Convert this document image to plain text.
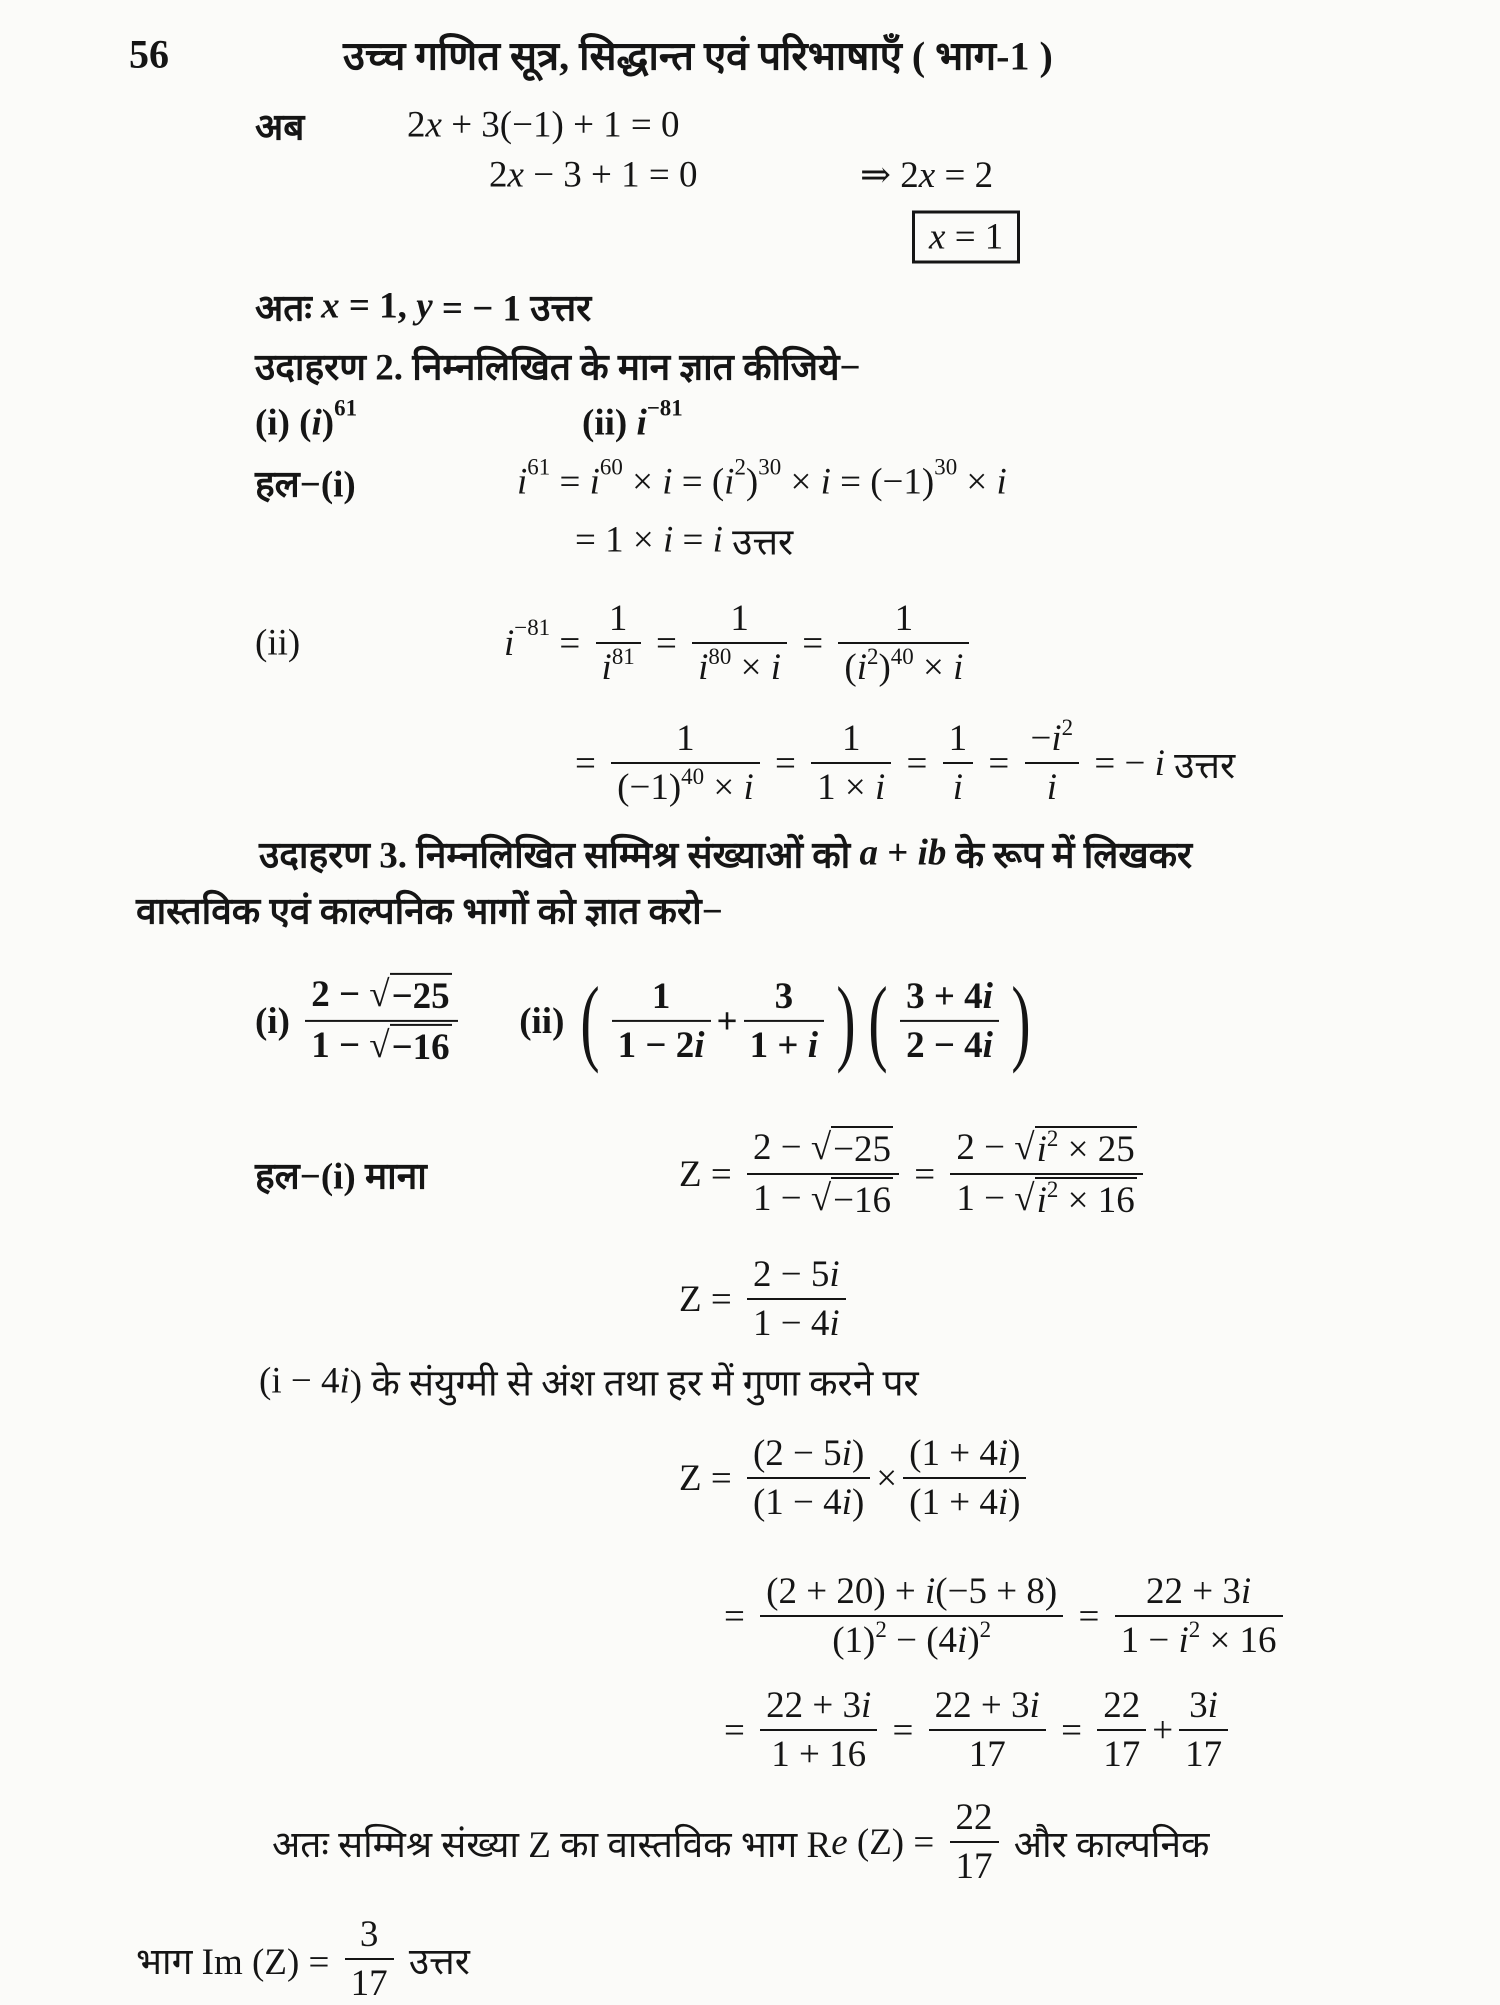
56	उच्च गणित सूत्र, सिद्धान्त एवं परिभाषाएँ ( भाग-1 )
अब	2 x + 3(−1) + 1 = 0
2 x − 3 + 1 = 0	⇒ 2 x = 2
x = 1
अतः x = 1, y = − 1 उत्तर
उदाहरण 2. निम्नलिखित के मान ज्ञात कीजिये−
(i) ( i ) 61	(ii) i −81
हल−(i)	i 61 = i 60 × i = ( i 2 ) 30 × i = (−1) 30 × i
= 1 × i = i उत्तर
(ii)	$i -81 = \frac{1}{i^{81}} = \frac{1}{i^{80} \times i} = \frac{1}{(i^2)^{40} \times i}$
= $\frac{1}{(-1)^{40} \times i} = \frac{1}{1 \times i} = \frac{1}{i} = \frac{-i^2}{i}$ = − i उत्तर
उदाहरण 3. निम्नलिखित सम्मिश्र संख्याओं को a + ib के रूप में लिखकर
वास्तविक एवं काल्पनिक भागों को ज्ञात करो−
$(i) \frac{2 - √ -25}{1 - √ -16} (ii)$ ( $\frac{1}{1 - 2i} + \frac{3}{1 + i}$ ) ( $\frac{3 + 4i}{2 - 4i}$ )
हल−(i) माना	$Z = \frac{2 - √ -25}{1 - √ -16} = \frac{2 - √ i^2 \times 25}{1 - √ i^2 \times 16}$
$Z = \frac{2 - 5i}{1 - 4i}$
(i − 4 i ) के संयुग्मी से अंश तथा हर में गुणा करने पर
$Z = \frac{(2 - 5i)}{(1 - 4i)} \times \frac{(1 + 4i)}{(1 + 4i)}$
= $\frac{(2 + 20) + i(-5 + 8)}{(1)^2 - (4i)^2} = \frac{22 + 3i}{1 - i^2 \times 16}$
= $\frac{22 + 3i}{1 + 16} = \frac{22 + 3i}{17} = \frac{22}{17} + \frac{3i}{17}$
अतः सम्मिश्र संख्या Z का वास्तविक भाग R e $(Z) = \frac{22}{17}$ और काल्पनिक
भाग Im $(Z) = \frac{3}{17}$ उत्तर
